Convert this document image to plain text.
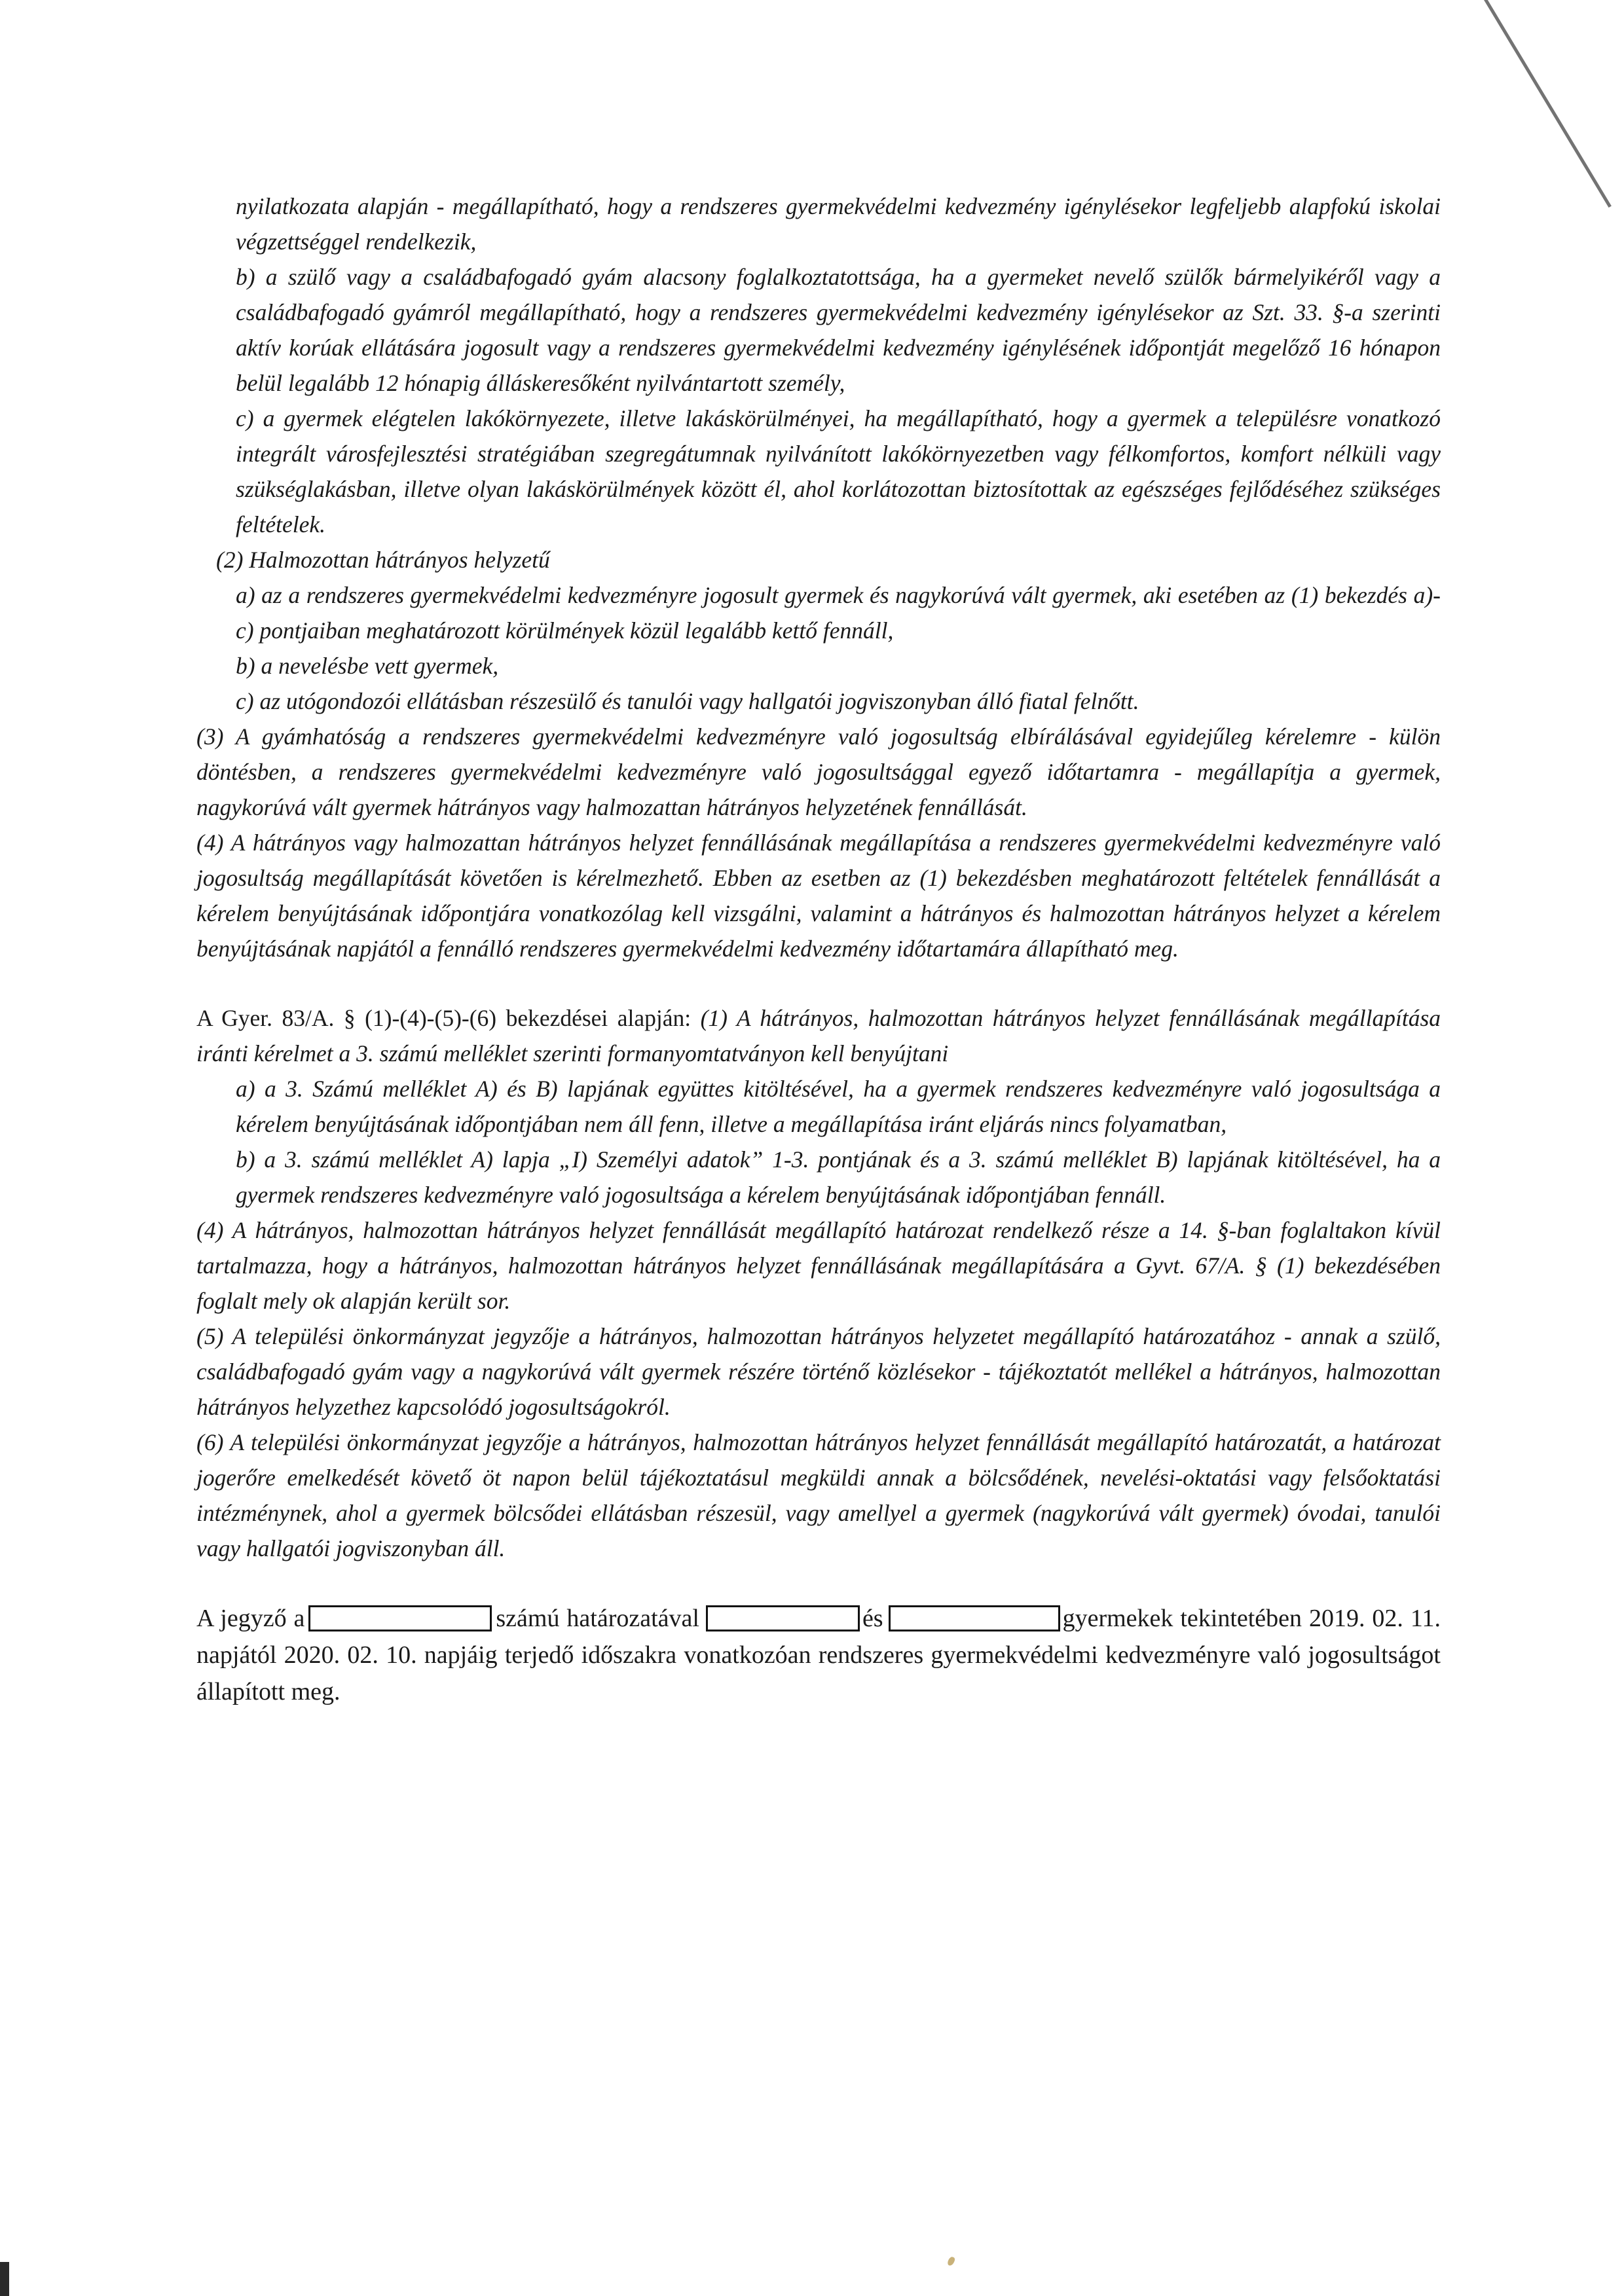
nyilatkozata alapján - megállapítható, hogy a rendszeres gyermekvédelmi kedvezmény igénylésekor legfeljebb alapfokú iskolai végzettséggel rendelkezik,

b) a szülő vagy a családbafogadó gyám alacsony foglalkoztatottsága, ha a gyermeket nevelő szülők bármelyikéről vagy a családbafogadó gyámról megállapítható, hogy a rendszeres gyermekvédelmi kedvezmény igénylésekor az Szt. 33. §-a szerinti aktív korúak ellátására jogosult vagy a rendszeres gyermekvédelmi kedvezmény igénylésének időpontját megelőző 16 hónapon belül legalább 12 hónapig álláskeresőként nyilvántartott személy,

c) a gyermek elégtelen lakókörnyezete, illetve lakáskörülményei, ha megállapítható, hogy a gyermek a településre vonatkozó integrált városfejlesztési stratégiában szegregátumnak nyilvánított lakókörnyezetben vagy félkomfortos, komfort nélküli vagy szükséglakásban, illetve olyan lakáskörülmények között él, ahol korlátozottan biztosítottak az egészséges fejlődéséhez szükséges feltételek.

(2) Halmozottan hátrányos helyzetű

a) az a rendszeres gyermekvédelmi kedvezményre jogosult gyermek és nagykorúvá vált gyermek, aki esetében az (1) bekezdés a)-c) pontjaiban meghatározott körülmények közül legalább kettő fennáll,

b) a nevelésbe vett gyermek,

c) az utógondozói ellátásban részesülő és tanulói vagy hallgatói jogviszonyban álló fiatal felnőtt.

(3) A gyámhatóság a rendszeres gyermekvédelmi kedvezményre való jogosultság elbírálásával egyidejűleg kérelemre - külön döntésben, a rendszeres gyermekvédelmi kedvezményre való jogosultsággal egyező időtartamra - megállapítja a gyermek, nagykorúvá vált gyermek hátrányos vagy halmozattan hátrányos helyzetének fennállását.

(4) A hátrányos vagy halmozattan hátrányos helyzet fennállásának megállapítása a rendszeres gyermekvédelmi kedvezményre való jogosultság megállapítását követően is kérelmezhető. Ebben az esetben az (1) bekezdésben meghatározott feltételek fennállását a kérelem benyújtásának időpontjára vonatkozólag kell vizsgálni, valamint a hátrányos és halmozottan hátrányos helyzet a kérelem benyújtásának napjától a fennálló rendszeres gyermekvédelmi kedvezmény időtartamára állapítható meg.

A Gyer. 83/A. § (1)-(4)-(5)-(6) bekezdései alapján: (1) A hátrányos, halmozottan hátrányos helyzet fennállásának megállapítása iránti kérelmet a 3. számú melléklet szerinti formanyomtatványon kell benyújtani

a) a 3. Számú melléklet A) és B) lapjának együttes kitöltésével, ha a gyermek rendszeres kedvezményre való jogosultsága a kérelem benyújtásának időpontjában nem áll fenn, illetve a megállapítása iránt eljárás nincs folyamatban,

b) a 3. számú melléklet A) lapja „I) Személyi adatok” 1-3. pontjának és a 3. számú melléklet B) lapjának kitöltésével, ha a gyermek rendszeres kedvezményre való jogosultsága a kérelem benyújtásának időpontjában fennáll.

(4) A hátrányos, halmozottan hátrányos helyzet fennállását megállapító határozat rendelkező része a 14. §-ban foglaltakon kívül tartalmazza, hogy a hátrányos, halmozottan hátrányos helyzet fennállásának megállapítására a Gyvt. 67/A. § (1) bekezdésében foglalt mely ok alapján került sor.

(5) A települési önkormányzat jegyzője a hátrányos, halmozottan hátrányos helyzetet megállapító határozatához - annak a szülő, családbafogadó gyám vagy a nagykorúvá vált gyermek részére történő közlésekor - tájékoztatót mellékel a hátrányos, halmozottan hátrányos helyzethez kapcsolódó jogosultságokról.

(6) A települési önkormányzat jegyzője a hátrányos, halmozottan hátrányos helyzet fennállását megállapító határozatát, a határozat jogerőre emelkedését követő öt napon belül tájékoztatásul megküldi annak a bölcsődének, nevelési-oktatási vagy felsőoktatási intézménynek, ahol a gyermek bölcsődei ellátásban részesül, vagy amellyel a gyermek (nagykorúvá vált gyermek) óvodai, tanulói vagy hallgatói jogviszonyban áll.

A jegyző a	számú határozatával	és	gyermekek tekintetében 2019. 02. 11. napjától 2020. 02. 10. napjáig terjedő időszakra vonatkozóan rendszeres gyermekvédelmi kedvezményre való jogosultságot állapított meg.
